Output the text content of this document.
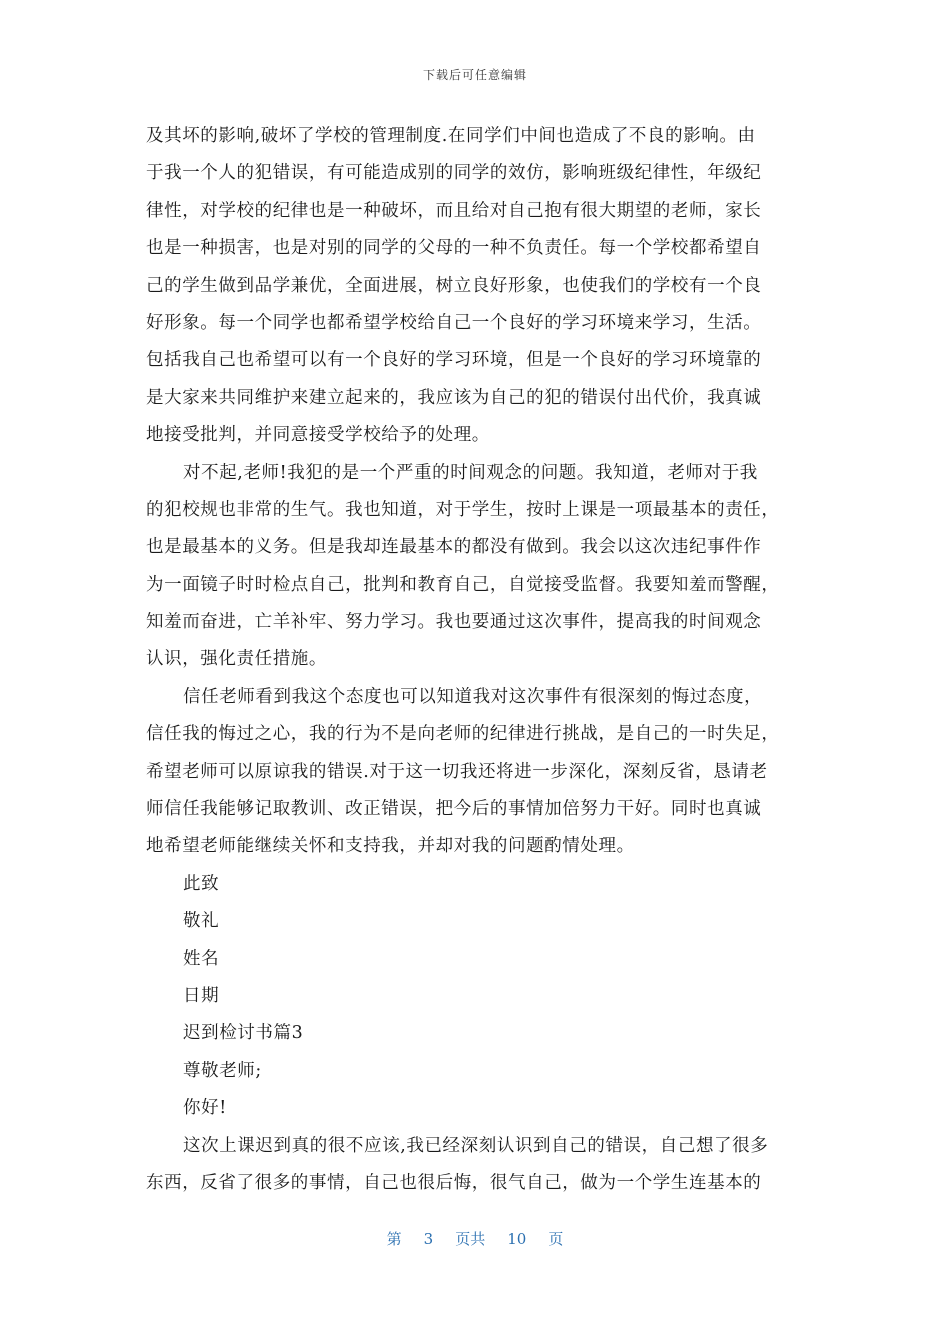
下载后可任意编辑
及其坏的影响,破坏了学校的管理制度.在同学们中间也造成了不良的影响。由
于我一个人的犯错误，有可能造成别的同学的效仿，影响班级纪律性，年级纪
律性，对学校的纪律也是一种破坏，而且给对自己抱有很大期望的老师，家长
也是一种损害，也是对别的同学的父母的一种不负责任。每一个学校都希望自
己的学生做到品学兼优，全面进展，树立良好形象，也使我们的学校有一个良
好形象。每一个同学也都希望学校给自己一个良好的学习环境来学习，生活。
包括我自己也希望可以有一个良好的学习环境，但是一个良好的学习环境靠的
是大家来共同维护来建立起来的，我应该为自己的犯的错误付出代价，我真诚
地接受批判，并同意接受学校给予的处理。
对不起,老师!我犯的是一个严重的时间观念的问题。我知道，老师对于我
的犯校规也非常的生气。我也知道，对于学生，按时上课是一项最基本的责任，
也是最基本的义务。但是我却连最基本的都没有做到。我会以这次违纪事件作
为一面镜子时时检点自己，批判和教育自己，自觉接受监督。我要知羞而警醒，
知羞而奋进，亡羊补牢、努力学习。我也要通过这次事件，提高我的时间观念
认识，强化责任措施。
信任老师看到我这个态度也可以知道我对这次事件有很深刻的悔过态度，
信任我的悔过之心，我的行为不是向老师的纪律进行挑战，是自己的一时失足，
希望老师可以原谅我的错误.对于这一切我还将进一步深化，深刻反省，恳请老
师信任我能够记取教训、改正错误，把今后的事情加倍努力干好。同时也真诚
地希望老师能继续关怀和支持我，并却对我的问题酌情处理。
此致
敬礼
姓名
日期
迟到检讨书篇3
尊敬老师;
你好!
这次上课迟到真的很不应该,我已经深刻认识到自己的错误，自己想了很多
东西，反省了很多的事情，自己也很后悔，很气自己，做为一个学生连基本的
第 3 页共 10 页
